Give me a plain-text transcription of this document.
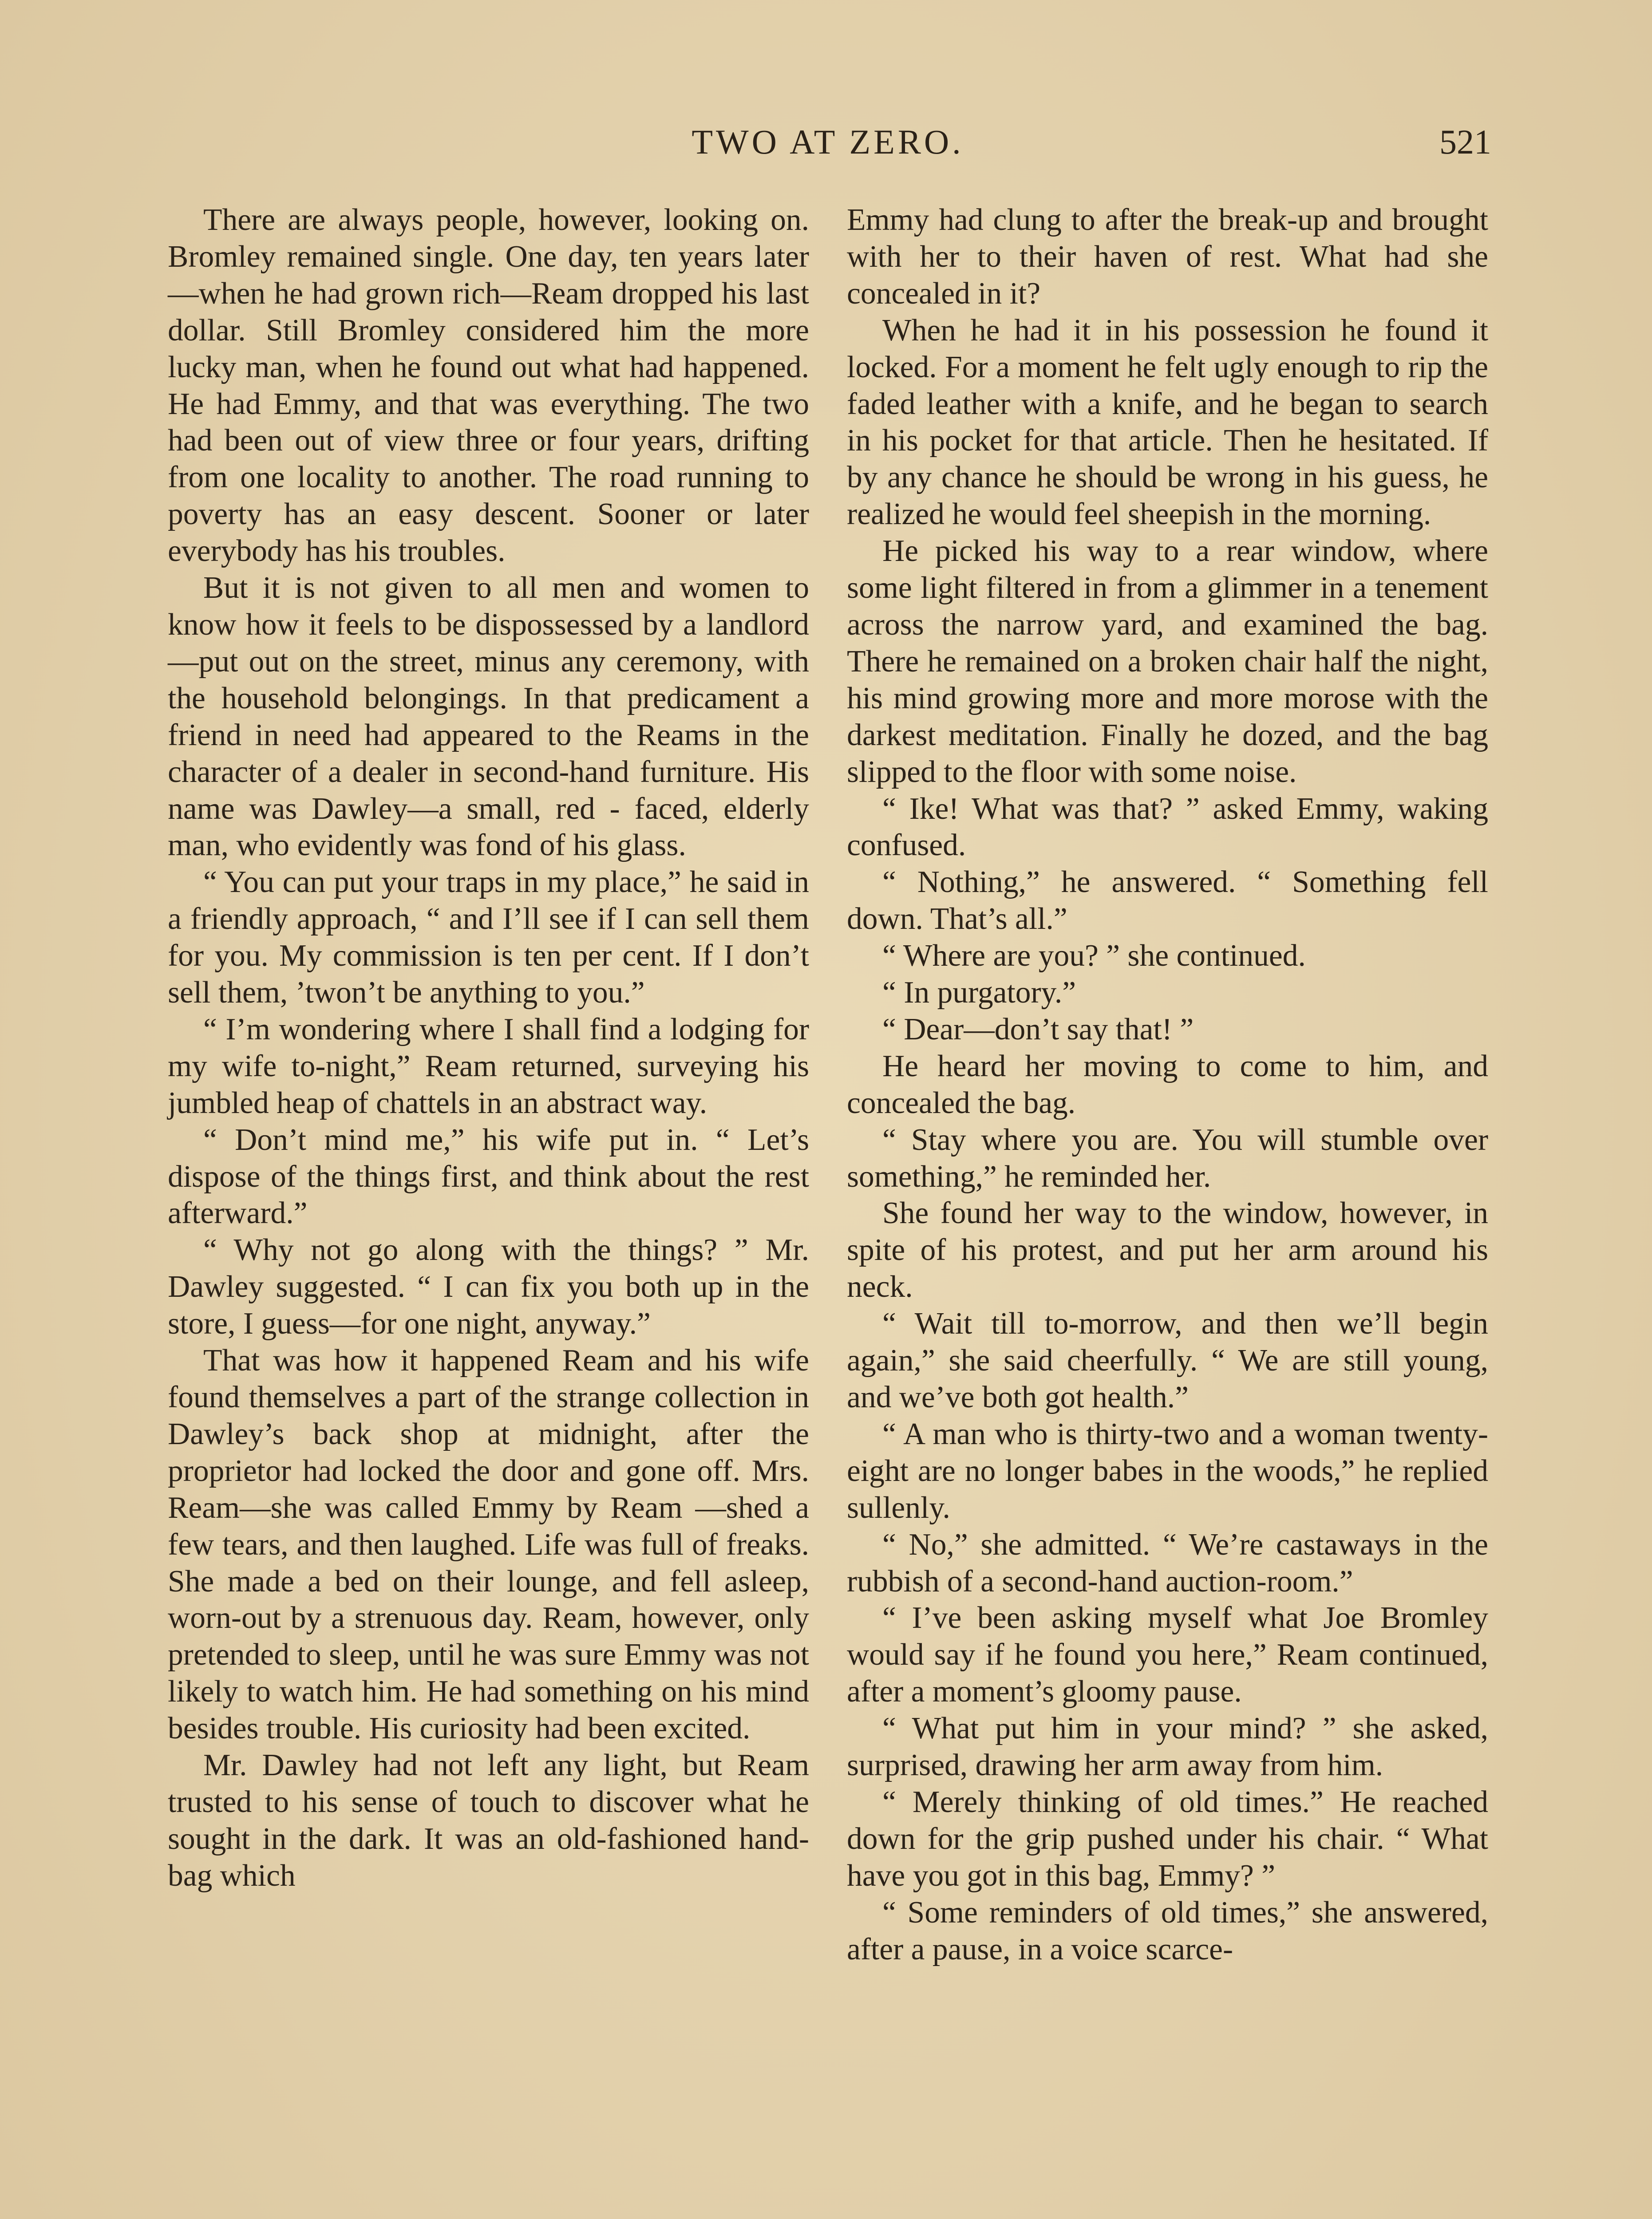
TWO AT ZERO.	521

There are always people, however, looking on. Bromley remained single. One day, ten years later—when he had grown rich—Ream dropped his last dollar. Still Bromley considered him the more lucky man, when he found out what had happened. He had Emmy, and that was everything. The two had been out of view three or four years, drifting from one locality to another. The road running to poverty has an easy descent. Sooner or later everybody has his troubles.

But it is not given to all men and women to know how it feels to be dispossessed by a landlord—put out on the street, minus any ceremony, with the household belongings. In that predicament a friend in need had appeared to the Reams in the character of a dealer in second-hand furniture. His name was Dawley—a small, red - faced, elderly man, who evidently was fond of his glass.

“ You can put your traps in my place,” he said in a friendly approach, “ and I’ll see if I can sell them for you. My commission is ten per cent. If I don’t sell them, ’twon’t be anything to you.”

“ I’m wondering where I shall find a lodging for my wife to-night,” Ream returned, surveying his jumbled heap of chattels in an abstract way.

“ Don’t mind me,” his wife put in. “ Let’s dispose of the things first, and think about the rest afterward.”

“ Why not go along with the things? ” Mr. Dawley suggested. “ I can fix you both up in the store, I guess—for one night, anyway.”

That was how it happened Ream and his wife found themselves a part of the strange collection in Dawley’s back shop at midnight, after the proprietor had locked the door and gone off. Mrs. Ream—she was called Emmy by Ream —shed a few tears, and then laughed. Life was full of freaks. She made a bed on their lounge, and fell asleep, worn-out by a strenuous day. Ream, however, only pretended to sleep, until he was sure Emmy was not likely to watch him. He had something on his mind besides trouble. His curiosity had been excited.

Mr. Dawley had not left any light, but Ream trusted to his sense of touch to discover what he sought in the dark. It was an old-fashioned hand-bag which

Emmy had clung to after the break-up and brought with her to their haven of rest. What had she concealed in it?

When he had it in his possession he found it locked. For a moment he felt ugly enough to rip the faded leather with a knife, and he began to search in his pocket for that article. Then he hesitated. If by any chance he should be wrong in his guess, he realized he would feel sheepish in the morning.

He picked his way to a rear window, where some light filtered in from a glimmer in a tenement across the narrow yard, and examined the bag. There he remained on a broken chair half the night, his mind growing more and more morose with the darkest meditation. Finally he dozed, and the bag slipped to the floor with some noise.

“ Ike! What was that? ” asked Emmy, waking confused.

“ Nothing,” he answered. “ Something fell down. That’s all.”

“ Where are you? ” she continued.

“ In purgatory.”

“ Dear—don’t say that! ”

He heard her moving to come to him, and concealed the bag.

“ Stay where you are. You will stumble over something,” he reminded her.

She found her way to the window, however, in spite of his protest, and put her arm around his neck.

“ Wait till to-morrow, and then we’ll begin again,” she said cheerfully. “ We are still young, and we’ve both got health.”

“ A man who is thirty-two and a woman twenty-eight are no longer babes in the woods,” he replied sullenly.

“ No,” she admitted. “ We’re castaways in the rubbish of a second-hand auction-room.”

“ I’ve been asking myself what Joe Bromley would say if he found you here,” Ream continued, after a moment’s gloomy pause.

“ What put him in your mind? ” she asked, surprised, drawing her arm away from him.

“ Merely thinking of old times.” He reached down for the grip pushed under his chair. “ What have you got in this bag, Emmy? ”

“ Some reminders of old times,” she answered, after a pause, in a voice scarce-
